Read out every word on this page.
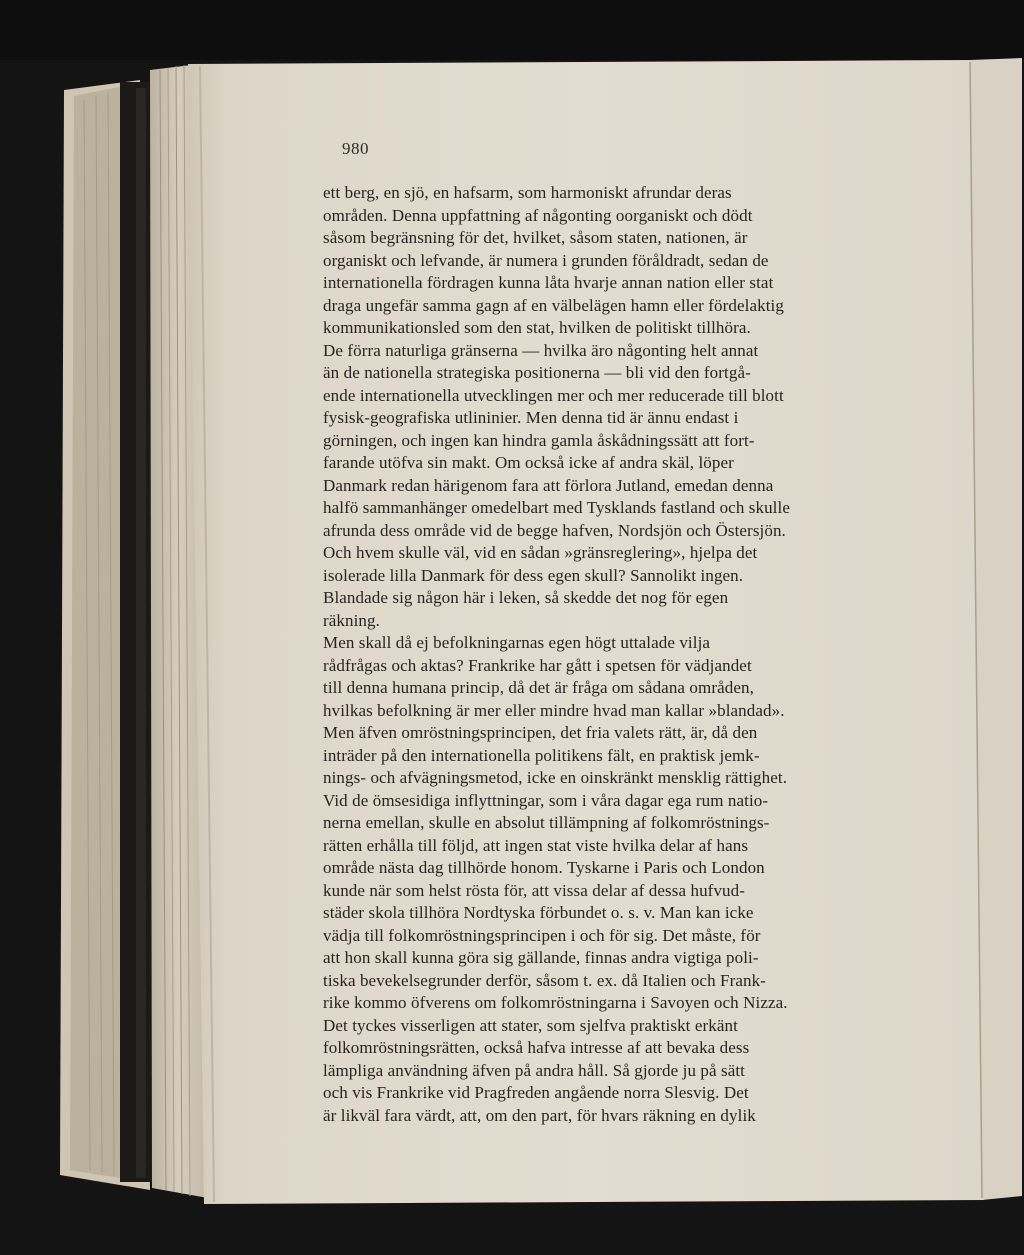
980
ett berg, en sjö, en hafsarm, som harmoniskt afrundar deras
områden. Denna uppfattning af någonting oorganiskt och dödt
såsom begränsning för det, hvilket, såsom staten, nationen, är
organiskt och lefvande, är numera i grunden föråldradt, sedan de
internationella fördragen kunna låta hvarje annan nation eller stat
draga ungefär samma gagn af en välbelägen hamn eller fördelaktig
kommunikationsled som den stat, hvilken de politiskt tillhöra.
De förra naturliga gränserna — hvilka äro någonting helt annat
än de nationella strategiska positionerna — bli vid den fortgå-
ende internationella utvecklingen mer och mer reducerade till blott
fysisk-geografiska utlininier. Men denna tid är ännu endast i
görningen, och ingen kan hindra gamla åskådningssätt att fort-
farande utöfva sin makt. Om också icke af andra skäl, löper
Danmark redan härigenom fara att förlora Jutland, emedan denna
halfö sammanhänger omedelbart med Tysklands fastland och skulle
afrunda dess område vid de begge hafven, Nordsjön och Östersjön.
Och hvem skulle väl, vid en sådan »gränsreglering», hjelpa det
isolerade lilla Danmark för dess egen skull? Sannolikt ingen.
Blandade sig någon här i leken, så skedde det nog för egen
räkning.
Men skall då ej befolkningarnas egen högt uttalade vilja
rådfrågas och aktas? Frankrike har gått i spetsen för vädjandet
till denna humana princip, då det är fråga om sådana områden,
hvilkas befolkning är mer eller mindre hvad man kallar »blandad».
Men äfven omröstningsprincipen, det fria valets rätt, är, då den
inträder på den internationella politikens fält, en praktisk jemk-
nings- och afvägningsmetod, icke en oinskränkt mensklig rättighet.
Vid de ömsesidiga inflyttningar, som i våra dagar ega rum natio-
nerna emellan, skulle en absolut tillämpning af folkomröstnings-
rätten erhålla till följd, att ingen stat viste hvilka delar af hans
område nästa dag tillhörde honom. Tyskarne i Paris och London
kunde när som helst rösta för, att vissa delar af dessa hufvud-
städer skola tillhöra Nordtyska förbundet o. s. v. Man kan icke
vädja till folkomröstningsprincipen i och för sig. Det måste, för
att hon skall kunna göra sig gällande, finnas andra vigtiga poli-
tiska bevekelsegrunder derför, såsom t. ex. då Italien och Frank-
rike kommo öfverens om folkomröstningarna i Savoyen och Nizza.
Det tyckes visserligen att stater, som sjelfva praktiskt erkänt
folkomröstningsrätten, också hafva intresse af att bevaka dess
lämpliga användning äfven på andra håll. Så gjorde ju på sätt
och vis Frankrike vid Pragfreden angående norra Slesvig. Det
är likväl fara värdt, att, om den part, för hvars räkning en dylik
